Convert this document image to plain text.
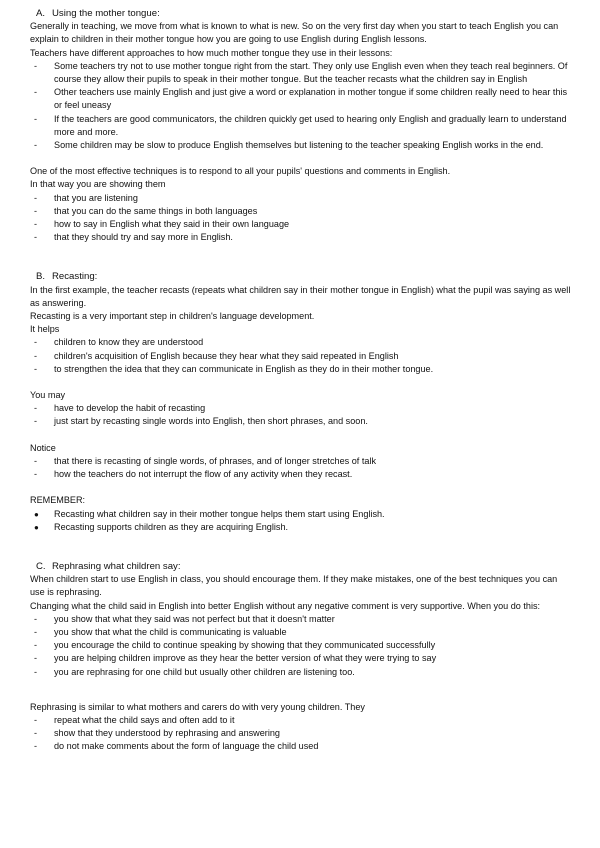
A. Using the mother tongue:

Generally in teaching, we move from what is known to what is new. So on the very first day when you start to teach English you can explain to children in their mother tongue how you are going to use English during English lessons.

Teachers have different approaches to how much mother tongue they use in their lessons:

- Some teachers try not to use mother tongue right from the start. They only use English even when they teach real beginners. Of course they allow their pupils to speak in their mother tongue. But the teacher recasts what the children say in English
- Other teachers use mainly English and just give a word or explanation in mother tongue if some children really need to hear this or feel uneasy
- If the teachers are good communicators, the children quickly get used to hearing only English and gradually learn to understand more and more.
- Some children may be slow to produce English themselves but listening to the teacher speaking English works in the end.

One of the most effective techniques is to respond to all your pupils' questions and comments in English.

In that way you are showing them

- that you are listening
- that you can do the same things in both languages
- how to say in English what they said in their own language
- that they should try and say more in English.
B. Recasting:

In the first example, the teacher recasts (repeats what children say in their mother tongue in English) what the pupil was saying as well as answering.

Recasting is a very important step in children's language development.

It helps

- children to know they are understood
- children's acquisition of English because they hear what they said repeated in English
- to strengthen the idea that they can communicate in English as they do in their mother tongue.

You may

- have to develop the habit of recasting
- just start by recasting single words into English, then short phrases, and soon.

Notice

- that there is recasting of single words, of phrases, and of longer stretches of talk
- how the teachers do not interrupt the flow of any activity when they recast.

REMEMBER:

● Recasting what children say in their mother tongue helps them start using English.
● Recasting supports children as they are acquiring English.
C. Rephrasing what children say:

When children start to use English in class, you should encourage them. If they make mistakes, one of the best techniques you can use is rephrasing.

Changing what the child said in English into better English without any negative comment is very supportive. When you do this:

- you show that what they said was not perfect but that it doesn't matter
- you show that what the child is communicating is valuable
- you encourage the child to continue speaking by showing that they communicated successfully
- you are helping children improve as they hear the better version of what they were trying to say
- you are rephrasing for one child but usually other children are listening too.

Rephrasing is similar to what mothers and carers do with very young children. They

- repeat what the child says and often add to it
- show that they understood by rephrasing and answering
- do not make comments about the form of language the child used
